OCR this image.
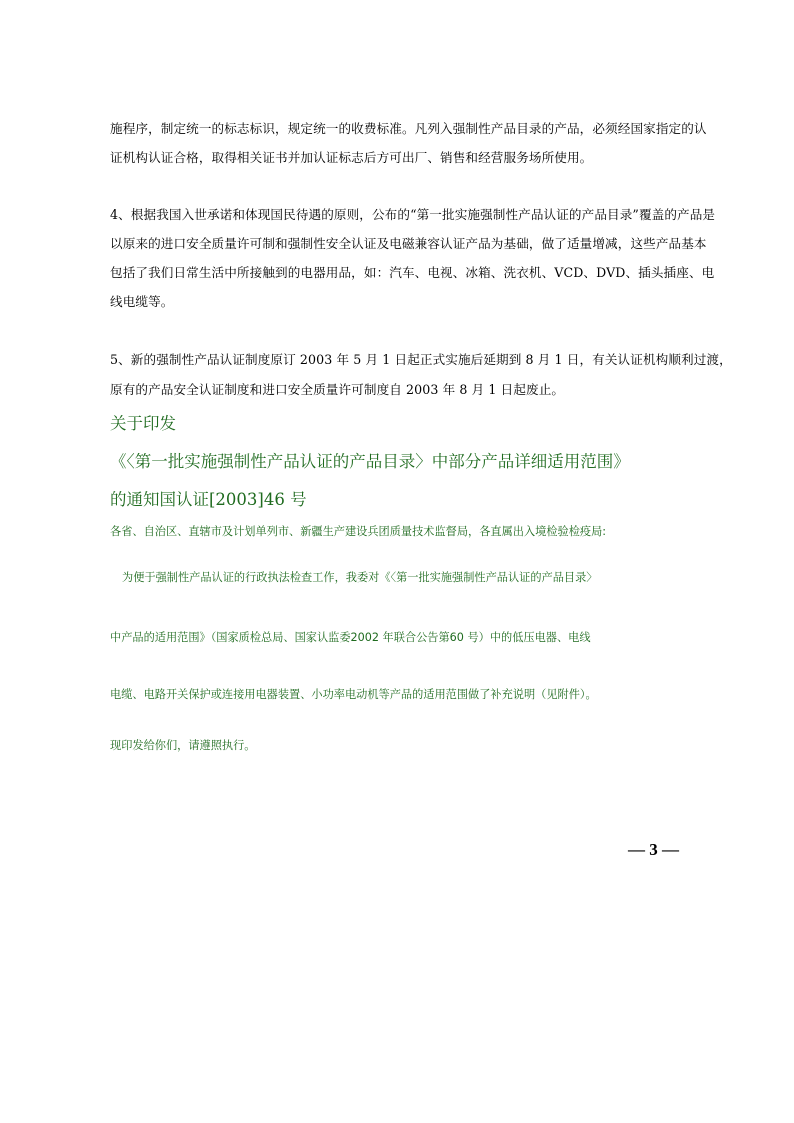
施程序，制定统一的标志标识，规定统一的收费标准。凡列入强制性产品目录的产品，必须经国家指定的认
证机构认证合格，取得相关证书并加认证标志后方可出厂、销售和经营服务场所使用。
4、根据我国入世承诺和体现国民待遇的原则，公布的“第一批实施强制性产品认证的产品目录”覆盖的产品是
以原来的进口安全质量许可制和强制性安全认证及电磁兼容认证产品为基础，做了适量增减，这些产品基本
包括了我们日常生活中所接触到的电器用品，如：汽车、电视、冰箱、洗衣机、VCD、DVD、插头插座、电
线电缆等。
5、新的强制性产品认证制度原订 2003 年 5 月 1 日起正式实施后延期到 8 月 1 日，有关认证机构顺利过渡，
原有的产品安全认证制度和进口安全质量许可制度自 2003 年 8 月 1 日起废止。
关于印发
《〈第一批实施强制性产品认证的产品目录〉中部分产品详细适用范围》
的通知国认证[2003]46 号
各省、自治区、直辖市及计划单列市、新疆生产建设兵团质量技术监督局，各直属出入境检验检疫局:
为便于强制性产品认证的行政执法检查工作，我委对《〈第一批实施强制性产品认证的产品目录〉
中产品的适用范围》（国家质检总局、国家认监委2002 年联合公告第60 号）中的低压电器、电线
电缆、电路开关保护或连接用电器装置、小功率电动机等产品的适用范围做了补充说明（见附件）。
现印发给你们，请遵照执行。
— 3 —
